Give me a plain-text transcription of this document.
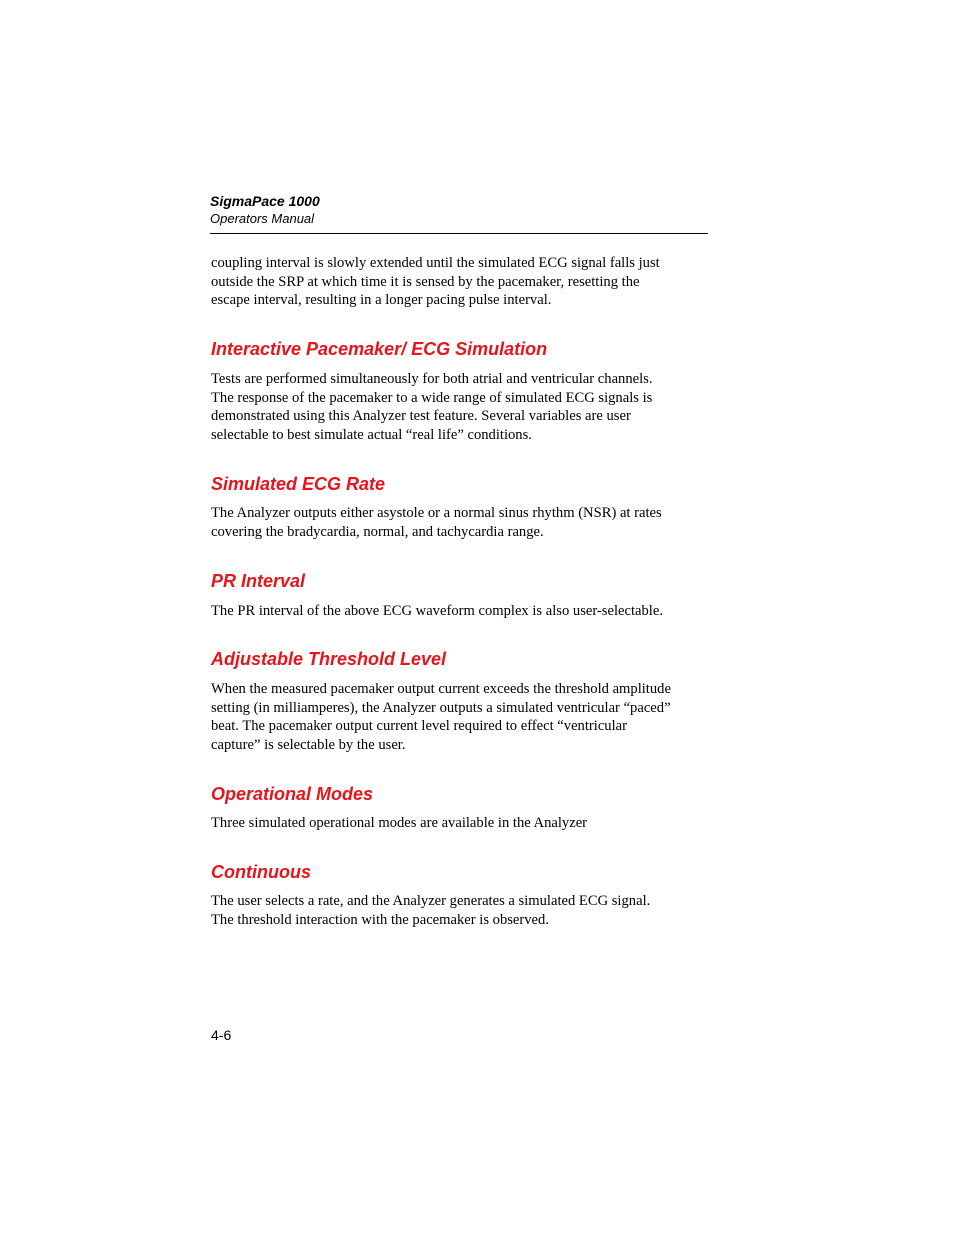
SigmaPace 1000
Operators Manual

coupling interval is slowly extended until the simulated ECG signal falls just
outside the SRP at which time it is sensed by the pacemaker, resetting the
escape interval, resulting in a longer pacing pulse interval.

Interactive Pacemaker/ ECG Simulation

Tests are performed simultaneously for both atrial and ventricular channels.
The response of the pacemaker to a wide range of simulated ECG signals is
demonstrated using this Analyzer test feature. Several variables are user
selectable to best simulate actual “real life” conditions.

Simulated ECG Rate

The Analyzer outputs either asystole or a normal sinus rhythm (NSR) at rates
covering the bradycardia, normal, and tachycardia range.

PR Interval

The PR interval of the above ECG waveform complex is also user-selectable.

Adjustable Threshold Level

When the measured pacemaker output current exceeds the threshold amplitude
setting (in milliamperes), the Analyzer outputs a simulated ventricular “paced”
beat. The pacemaker output current level required to effect “ventricular
capture” is selectable by the user.

Operational Modes

Three simulated operational modes are available in the Analyzer

Continuous

The user selects a rate, and the Analyzer generates a simulated ECG signal.
The threshold interaction with the pacemaker is observed.

4-6
